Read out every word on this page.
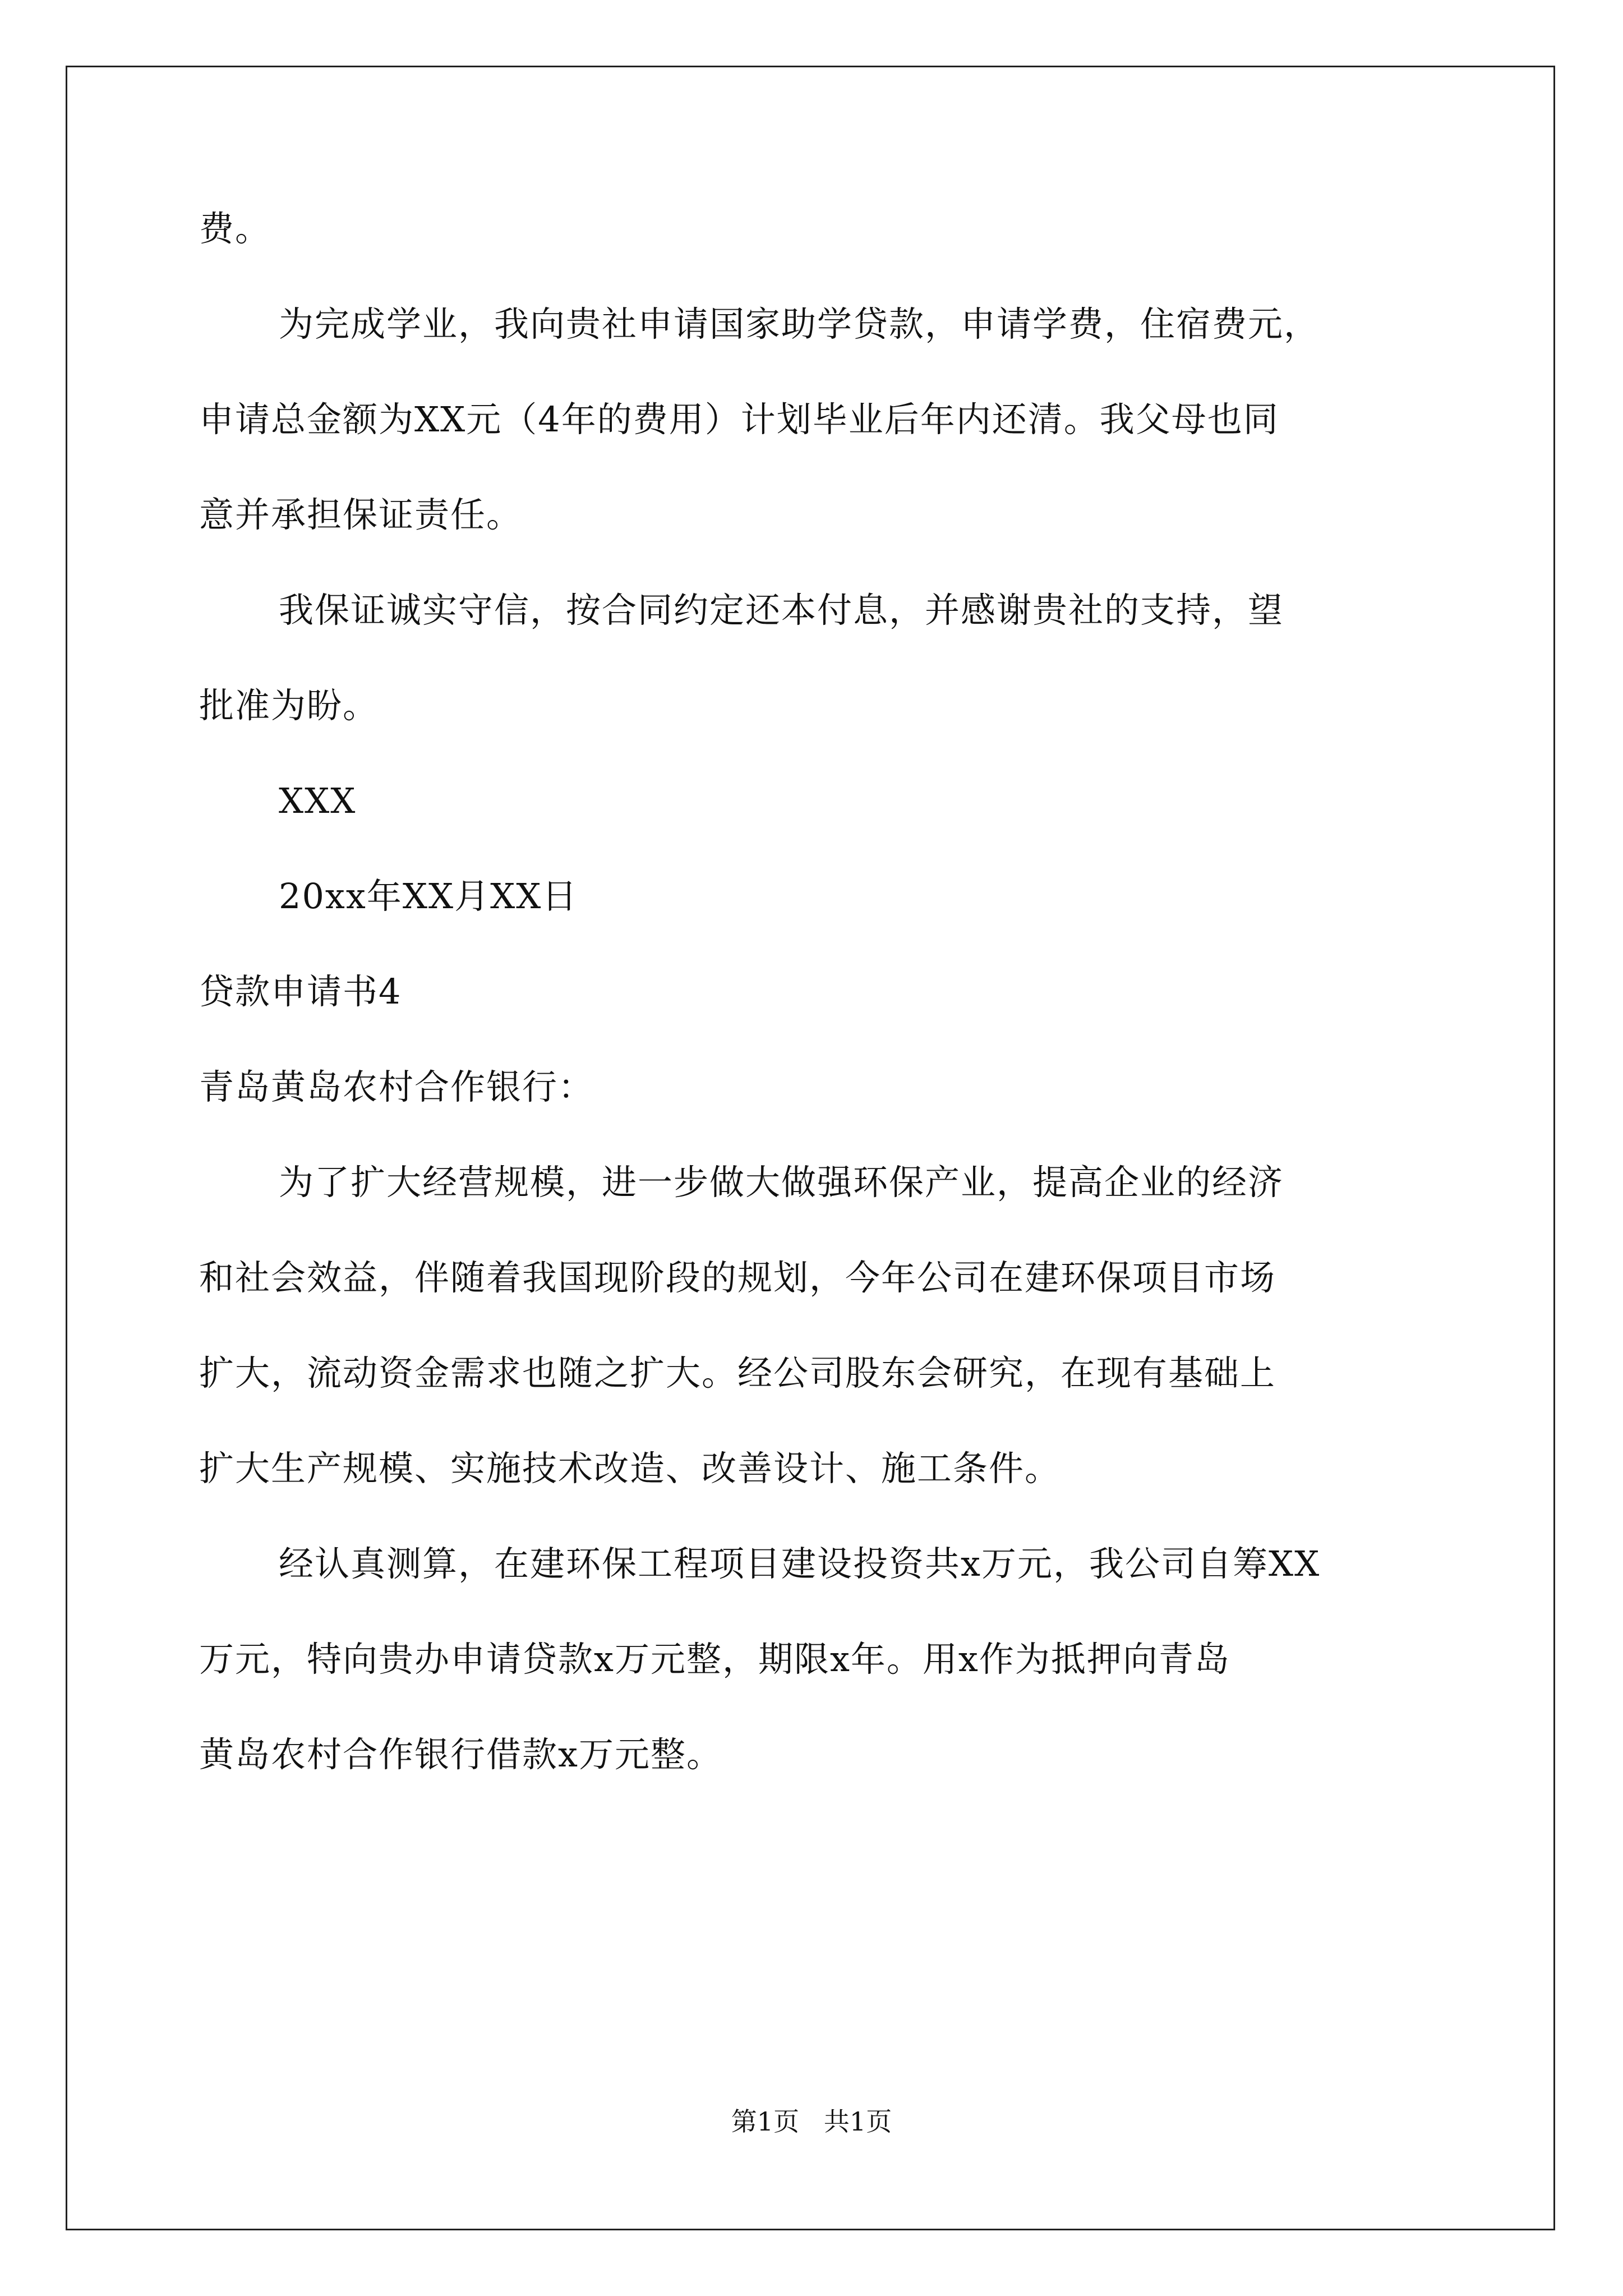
费。
为完成学业，我向贵社申请国家助学贷款，申请学费，住宿费元，
申请总金额为XX元（4年的费用）计划毕业后年内还清。我父母也同
意并承担保证责任。
我保证诚实守信，按合同约定还本付息，并感谢贵社的支持，望
批准为盼。
XXX
20xx年XX月XX日
贷款申请书4
青岛黄岛农村合作银行：
为了扩大经营规模，进一步做大做强环保产业，提高企业的经济
和社会效益，伴随着我国现阶段的规划，今年公司在建环保项目市场
扩大，流动资金需求也随之扩大。经公司股东会研究，在现有基础上
扩大生产规模、实施技术改造、改善设计、施工条件。
经认真测算，在建环保工程项目建设投资共x万元，我公司自筹XX
万元，特向贵办申请贷款x万元整，期限x年。用x作为抵押向青岛
黄岛农村合作银行借款x万元整。
第1页   共1页
